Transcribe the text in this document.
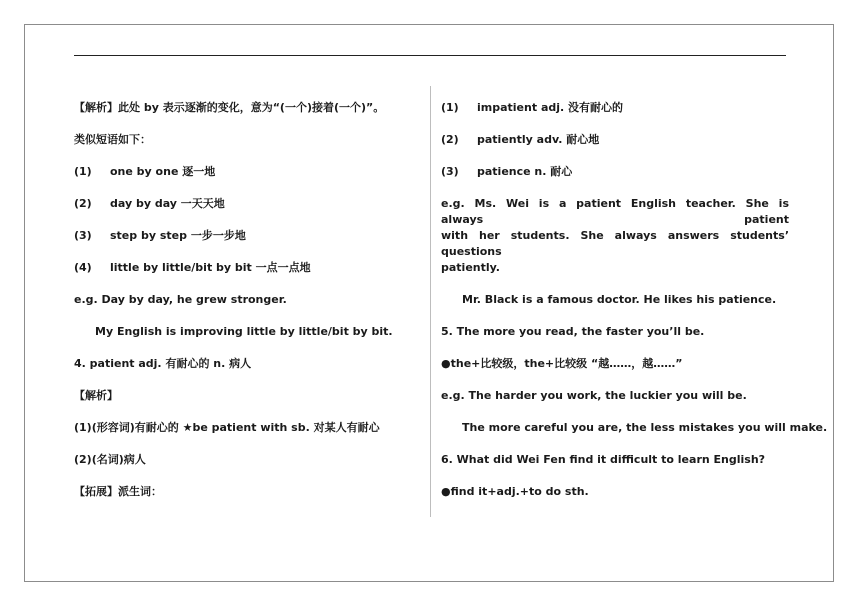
【解析】此处 by 表示逐渐的变化，意为“(一个)接着(一个)”。
类似短语如下：
(1) one by one 逐一地
(2) day by day 一天天地
(3) step by step 一步一步地
(4) little by little/bit by bit 一点一点地
e.g. Day by day, he grew stronger.
My English is improving little by little/bit by bit.
4. patient adj. 有耐心的 n. 病人
【解析】
(1)(形容词)有耐心的 ★be patient with sb. 对某人有耐心
(2)(名词)病人
【拓展】派生词：
(1) impatient adj. 没有耐心的
(2) patiently adv. 耐心地
(3) patience n. 耐心
e.g. Ms. Wei is a patient English teacher. She is always patient
with her students. She always answers students’ questions
patiently.
Mr. Black is a famous doctor. He likes his patience.
5. The more you read, the faster you’ll be.
●the+比较级，the+比较级 “越……，越……”
e.g. The harder you work, the luckier you will be.
The more careful you are, the less mistakes you will make.
6. What did Wei Fen find it difficult to learn English?
●find it+adj.+to do sth.
